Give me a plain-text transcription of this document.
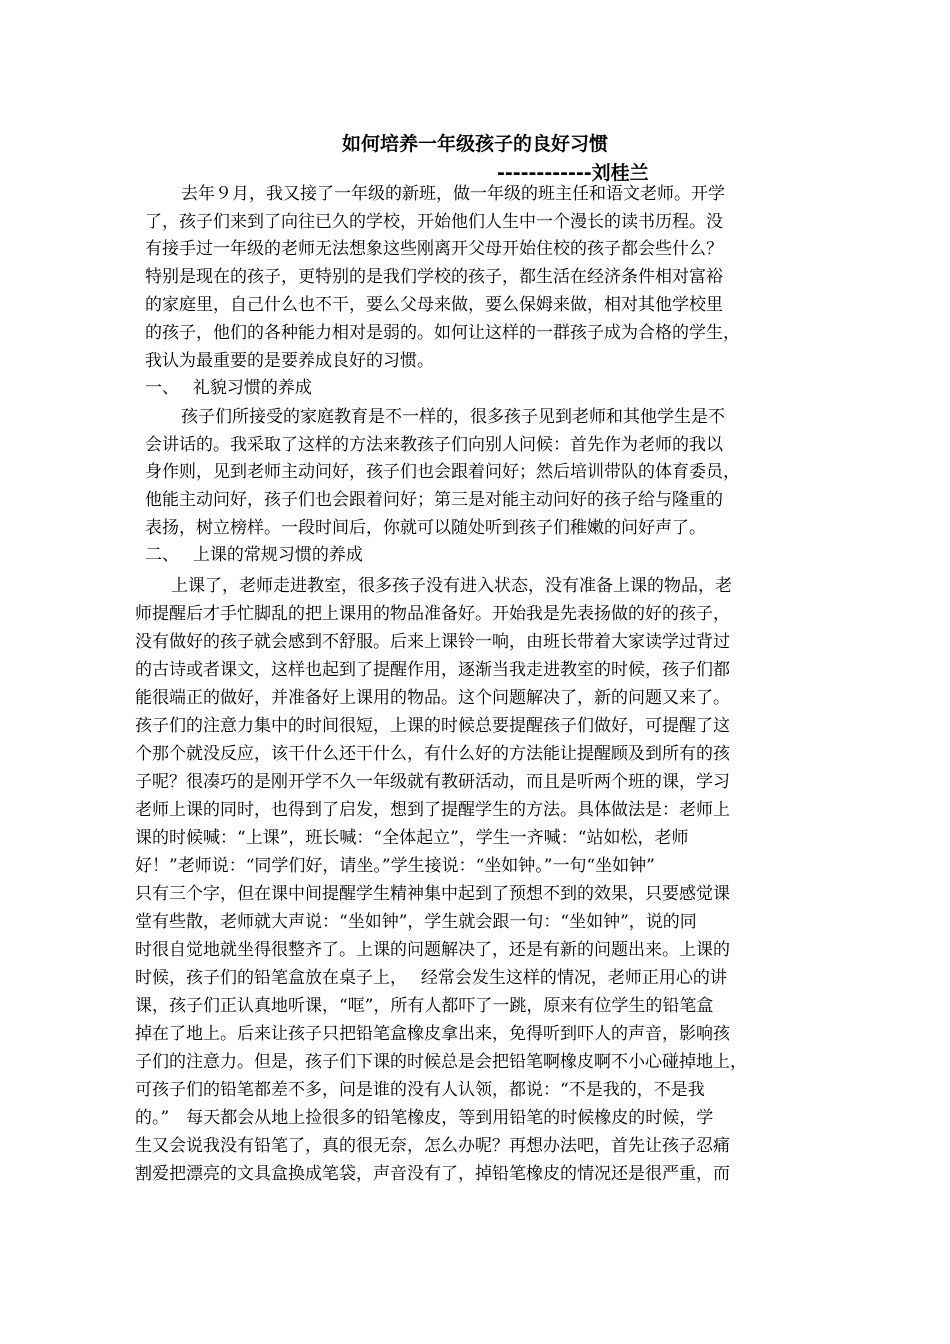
如何培养一年级孩子的良好习惯
------------刘桂兰
去年９月，我又接了一年级的新班，做一年级的班主任和语文老师。开学
了，孩子们来到了向往已久的学校，开始他们人生中一个漫长的读书历程。没
有接手过一年级的老师无法想象这些刚离开父母开始住校的孩子都会些什么？
特别是现在的孩子，更特别的是我们学校的孩子，都生活在经济条件相对富裕
的家庭里，自己什么也不干，要么父母来做，要么保姆来做，相对其他学校里
的孩子，他们的各种能力相对是弱的。如何让这样的一群孩子成为合格的学生，
我认为最重要的是要养成良好的习惯。
一、　 礼貌习惯的养成
孩子们所接受的家庭教育是不一样的，很多孩子见到老师和其他学生是不
会讲话的。我采取了这样的方法来教孩子们向别人问候：首先作为老师的我以
身作则，见到老师主动问好，孩子们也会跟着问好；然后培训带队的体育委员，
他能主动问好，孩子们也会跟着问好；第三是对能主动问好的孩子给与隆重的
表扬，树立榜样。一段时间后，你就可以随处听到孩子们稚嫩的问好声了。
二、　 上课的常规习惯的养成
上课了，老师走进教室，很多孩子没有进入状态，没有准备上课的物品，老
师提醒后才手忙脚乱的把上课用的物品准备好。开始我是先表扬做的好的孩子，
没有做好的孩子就会感到不舒服。后来上课铃一响，由班长带着大家读学过背过
的古诗或者课文，这样也起到了提醒作用，逐渐当我走进教室的时候，孩子们都
能很端正的做好，并准备好上课用的物品。这个问题解决了，新的问题又来了。
孩子们的注意力集中的时间很短，上课的时候总要提醒孩子们做好，可提醒了这
个那个就没反应，该干什么还干什么，有什么好的方法能让提醒顾及到所有的孩
子呢？很凑巧的是刚开学不久一年级就有教研活动，而且是听两个班的课，学习
老师上课的同时，也得到了启发，想到了提醒学生的方法。具体做法是：老师上
课的时候喊：“上课”，班长喊：“全体起立”，学生一齐喊：“站如松，老师
好！”老师说：“同学们好，请坐。”学生接说：“坐如钟。”一句“坐如钟”
只有三个字，但在课中间提醒学生精神集中起到了预想不到的效果，只要感觉课
堂有些散，老师就大声说：“坐如钟”，学生就会跟一句：“坐如钟”，说的同
时很自觉地就坐得很整齐了。上课的问题解决了，还是有新的问题出来。上课的
时候，孩子们的铅笔盒放在桌子上，　 经常会发生这样的情况，老师正用心的讲
课，孩子们正认真地听课，“哐”，所有人都吓了一跳，原来有位学生的铅笔盒
掉在了地上。后来让孩子只把铅笔盒橡皮拿出来，免得听到吓人的声音，影响孩
子们的注意力。但是，孩子们下课的时候总是会把铅笔啊橡皮啊不小心碰掉地上，
可孩子们的铅笔都差不多，问是谁的没有人认领，都说：“不是我的，不是我
的。”　每天都会从地上捡很多的铅笔橡皮，等到用铅笔的时候橡皮的时候，学
生又会说我没有铅笔了，真的很无奈，怎么办呢？再想办法吧，首先让孩子忍痛
割爱把漂亮的文具盒换成笔袋，声音没有了，掉铅笔橡皮的情况还是很严重，而
